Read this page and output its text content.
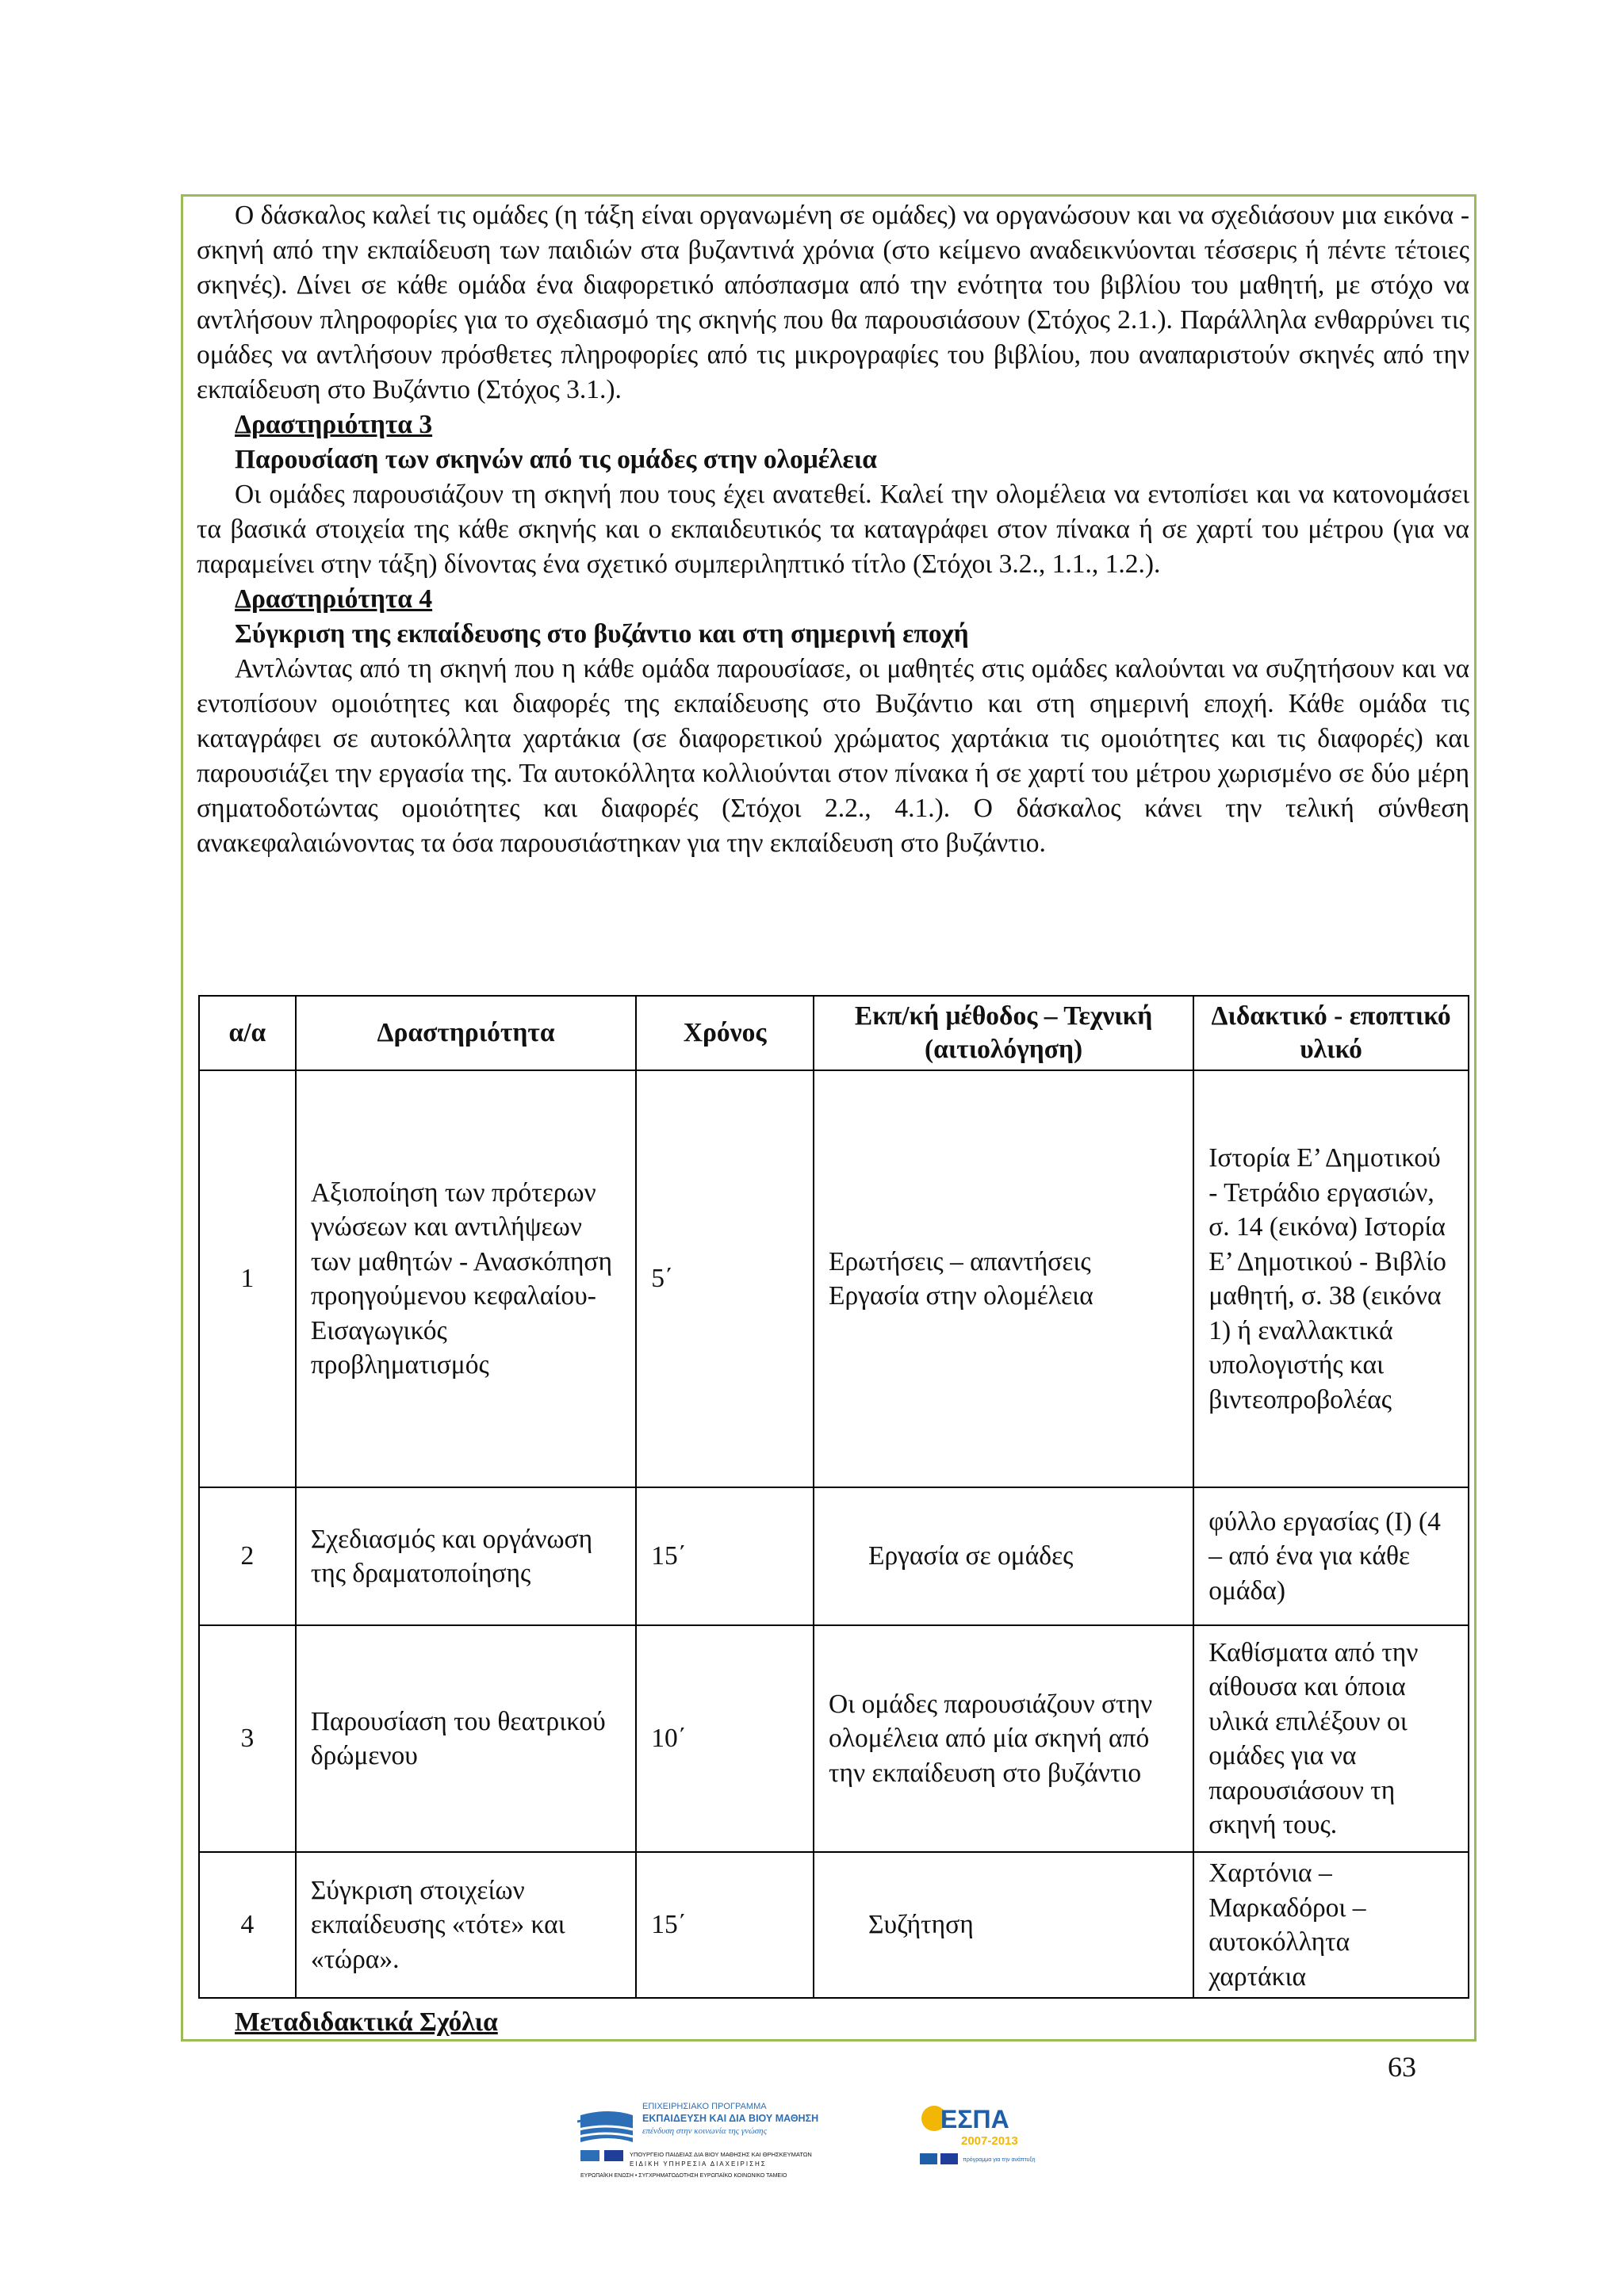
Ο δάσκαλος καλεί τις ομάδες (η τάξη είναι οργανωμένη σε ομάδες) να οργανώσουν και να σχεδιάσουν μια εικόνα - σκηνή από την εκπαίδευση των παιδιών στα βυζαντινά χρόνια (στο κείμενο αναδεικνύονται τέσσερις ή πέντε τέτοιες σκηνές). Δίνει σε κάθε ομάδα ένα διαφορετικό απόσπασμα από την ενότητα του βιβλίου του μαθητή, με στόχο να αντλήσουν πληροφορίες για το σχεδιασμό της σκηνής που θα παρουσιάσουν (Στόχος 2.1.). Παράλληλα ενθαρρύνει τις ομάδες να αντλήσουν πρόσθετες πληροφορίες από τις μικρογραφίες του βιβλίου, που αναπαριστούν σκηνές από την εκπαίδευση στο Βυζάντιο (Στόχος 3.1.).

Δραστηριότητα 3

Παρουσίαση των σκηνών από τις ομάδες στην ολομέλεια

Οι ομάδες παρουσιάζουν τη σκηνή που τους έχει ανατεθεί. Καλεί την ολομέλεια να εντοπίσει και να κατονομάσει τα βασικά στοιχεία της κάθε σκηνής και ο εκπαιδευτικός τα καταγράφει στον πίνακα ή σε χαρτί του μέτρου (για να παραμείνει στην τάξη) δίνοντας ένα σχετικό συμπεριληπτικό τίτλο (Στόχοι 3.2., 1.1., 1.2.).

Δραστηριότητα 4

Σύγκριση της εκπαίδευσης στο βυζάντιο και στη σημερινή εποχή

Αντλώντας από τη σκηνή που η κάθε ομάδα παρουσίασε, οι μαθητές στις ομάδες καλούνται να συζητήσουν και να εντοπίσουν ομοιότητες και διαφορές της εκπαίδευσης στο Βυζάντιο και στη σημερινή εποχή. Κάθε ομάδα τις καταγράφει σε αυτοκόλλητα χαρτάκια (σε διαφορετικού χρώματος χαρτάκια τις ομοιότητες και τις διαφορές) και παρουσιάζει την εργασία της. Τα αυτοκόλλητα κολλιούνται στον πίνακα ή σε χαρτί του μέτρου χωρισμένο σε δύο μέρη σηματοδοτώντας ομοιότητες και διαφορές (Στόχοι 2.2., 4.1.). Ο δάσκαλος κάνει την τελική σύνθεση ανακεφαλαιώνοντας τα όσα παρουσιάστηκαν για την εκπαίδευση στο βυζάντιο.

α/α	Δραστηριότητα	Χρόνος	Εκπ/κή μέθοδος – Τεχνική (αιτιολόγηση)	Διδακτικό - εποπτικό υλικό
1	Αξιοποίηση των πρότερων γνώσεων και αντιλήψεων των μαθητών - Ανασκόπηση προηγούμενου κεφαλαίου- Εισαγωγικός προβληματισμός	5΄	Ερωτήσεις – απαντήσεις Εργασία στην ολομέλεια	Ιστορία Ε’ Δημοτικού - Τετράδιο εργασιών, σ. 14 (εικόνα) Ιστορία Ε’ Δημοτικού - Βιβλίο μαθητή, σ. 38 (εικόνα 1) ή εναλλακτικά υπολογιστής και βιντεοπροβολέας
2	Σχεδιασμός και οργάνωση της δραματοποίησης	15΄	Εργασία σε ομάδες	φύλλο εργασίας (Ι) (4 – από ένα για κάθε ομάδα)
3	Παρουσίαση του θεατρικού δρώμενου	10΄	Οι ομάδες παρουσιάζουν στην ολομέλεια από μία σκηνή από την εκπαίδευση στο βυζάντιο	Καθίσματα από την αίθουσα και όποια υλικά επιλέξουν οι ομάδες για να παρουσιάσουν τη σκηνή τους.
4	Σύγκριση στοιχείων εκπαίδευσης «τότε» και «τώρα».	15΄	Συζήτηση	Χαρτόνια – Μαρκαδόροι – αυτοκόλλητα χαρτάκια
Μεταδιδακτικά Σχόλια
63
ΕΠΙΧΕΙΡΗΣΙΑΚΟ ΠΡΟΓΡΑΜΜΑ
ΕΚΠΑΙΔΕΥΣΗ ΚΑΙ ΔΙΑ ΒΙΟΥ ΜΑΘΗΣΗ
επένδυση στην κοινωνία της γνώσης
ΥΠΟΥΡΓΕΙΟ ΠΑΙΔΕΙΑΣ ΔΙΑ ΒΙΟΥ ΜΑΘΗΣΗΣ ΚΑΙ ΘΡΗΣΚΕΥΜΑΤΩΝ
ΕΙΔΙΚΗ ΥΠΗΡΕΣΙΑ ΔΙΑΧΕΙΡΙΣΗΣ
ΕΥΡΩΠΑΪΚΗ ΕΝΩΣΗ • ΣΥΓΧΡΗΜΑΤΟΔΟΤΗΣΗ ΕΥΡΩΠΑΪΚΟ ΚΟΙΝΩΝΙΚΟ ΤΑΜΕΙΟ
ΕΣΠΑ
2007-2013
πρόγραμμα για την ανάπτυξη
